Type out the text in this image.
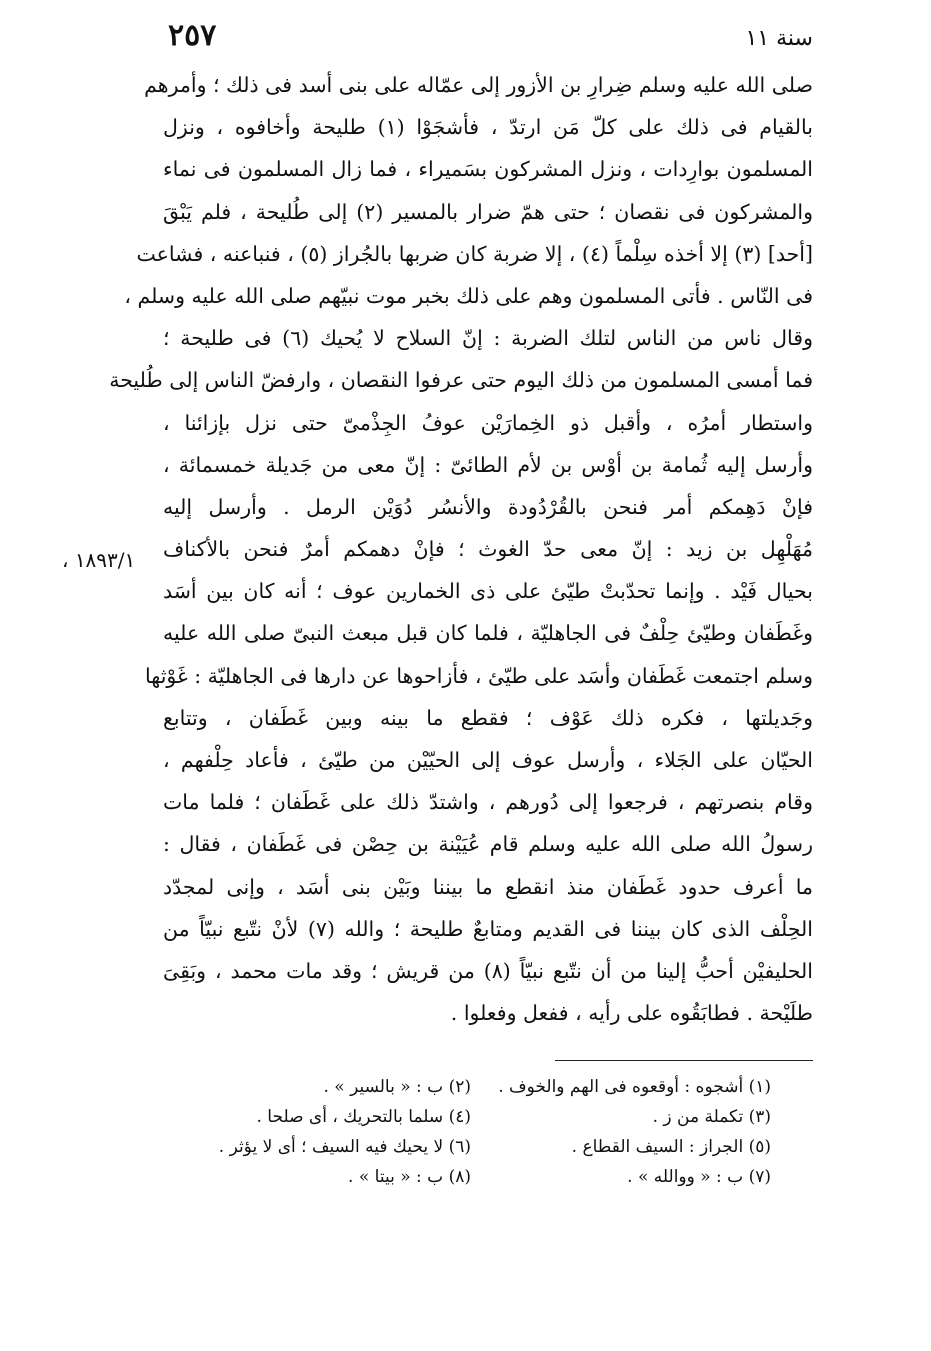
٢٥٧	سنة ١١
١٨٩٣/١ ،
صلى الله عليه وسلم ضِرارِ بن الأزور إلى عمّاله على بنى أسد فى ذلك ؛ وأمرهم
بالقيام فى ذلك على كلّ مَن ارتدّ ، فأشجَوْا (١) طليحة وأخافوه ، ونزل
المسلمون بوارِدات ، ونزل المشركون بسَميراء ، فما زال المسلمون فى نماء
والمشركون فى نقصان ؛ حتى همّ ضرار بالمسير (٢) إلى طُليحة ، فلم يَبْقَ
[أحد] (٣) إلا أخذه سِلْماً (٤) ، إلا ضربة كان ضربها بالجُراز (٥) ، فنباعنه ، فشاعت
فى النّاس . فأتى المسلمون وهم على ذلك بخبر موت نبيّهم صلى الله عليه وسلم ،
وقال ناس من الناس لتلك الضربة : إنّ السلاح لا يُحيك (٦) فى طليحة ؛
فما أمسى المسلمون من ذلك اليوم حتى عرفوا النقصان ، وارفضّ الناس إلى طُليحة
واستطار أمرُه ، وأقبل ذو الخِمارَيْن عوفُ الجِذْمىّ حتى نزل بإزائنا ،
وأرسل إليه ثُمامة بن أوْس بن لأم الطائىّ : إنّ معى من جَديلة خمسمائة ،
فإنْ دَهِمكم أمر فنحن بالقُرْدُودة والأنسُر دُوَيْن الرمل . وأرسل إليه
مُهَلْهِل بن زيد : إنّ معى حدّ الغوث ؛ فإنْ دهمكم أمرٌ فنحن بالأكناف
بحيال فَيْد . وإنما تحدّبتْ طيّئ على ذى الخمارين عوف ؛ أنه كان بين أسَد
وغَطَفان وطيّئ حِلْفٌ فى الجاهليّة ، فلما كان قبل مبعث النبىّ صلى الله عليه
وسلم اجتمعت غَطَفان وأسَد على طيّئ ، فأزاحوها عن دارها فى الجاهليّة : غَوْثها
وجَديلتها ، فكره ذلك عَوْف ؛ فقطع ما بينه وبين غَطَفان ، وتتابع
الحيّان على الجَلاء ، وأرسل عوف إلى الحيّيْن من طيّئ ، فأعاد حِلْفهم ،
وقام بنصرتهم ، فرجعوا إلى دُورهم ، واشتدّ ذلك على غَطَفان ؛ فلما مات
رسولُ الله صلى الله عليه وسلم قام عُيَيْنة بن حِصْن فى غَطَفان ، فقال :
ما أعرف حدود غَطَفان منذ انقطع ما بيننا وبَيْن بنى أسَد ، وإنى لمجدّد
الحِلْف الذى كان بيننا فى القديم ومتابعٌ طليحة ؛ والله (٧) لأنْ نتّبع نبيّاً من
الحليفيْن أحبُّ إلينا من أن نتّبع نبيّاً (٨) من قريش ؛ وقد مات محمد ، وبَقِىَ
طلَيْحة . فطابَقُوه على رأيه ، ففعل وفعلوا .
(١) أشجوه : أوقعوه فى الهم والخوف .
(٢) ب : « بالسير » .
(٣) تكملة من ز .
(٤) سلما بالتحريك ، أى صلحا .
(٥) الجراز : السيف القطاع .
(٦) لا يحيك فيه السيف ؛ أى لا يؤثر .
(٧) ب : « ووالله » .
(٨) ب : « بيتا » .
